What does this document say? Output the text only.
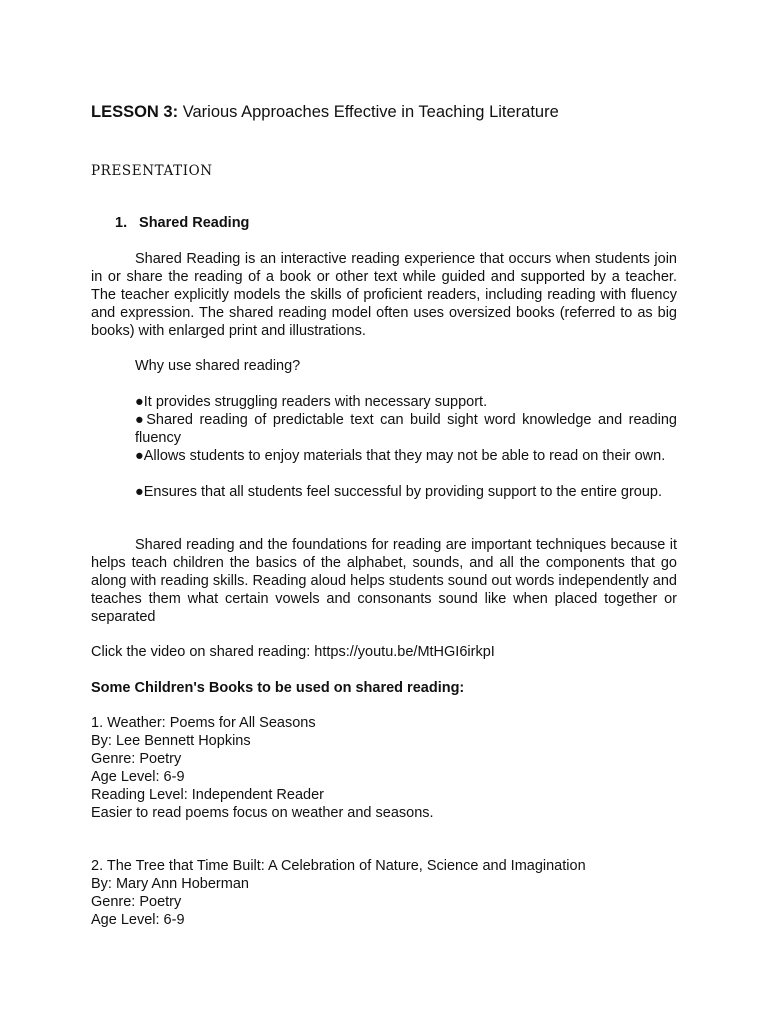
LESSON 3: Various Approaches Effective in Teaching Literature
PRESENTATION
1. Shared Reading
Shared Reading is an interactive reading experience that occurs when students join in or share the reading of a book or other text while guided and supported by a teacher. The teacher explicitly models the skills of proficient readers, including reading with fluency and expression. The shared reading model often uses oversized books (referred to as big books) with enlarged print and illustrations.
Why use shared reading?
●It provides struggling readers with necessary support.
●Shared reading of predictable text can build sight word knowledge and reading fluency
●Allows students to enjoy materials that they may not be able to read on their own.
●Ensures that all students feel successful by providing support to the entire group.
Shared reading and the foundations for reading are important techniques because it helps teach children the basics of the alphabet, sounds, and all the components that go along with reading skills. Reading aloud helps students sound out words independently and teaches them what certain vowels and consonants sound like when placed together or separated
Click the video on shared reading: https://youtu.be/MtHGI6irkpI
Some Children's Books to be used on shared reading:
1. Weather: Poems for All Seasons
By: Lee Bennett Hopkins
Genre: Poetry
Age Level: 6-9
Reading Level: Independent Reader
Easier to read poems focus on weather and seasons.
2. The Tree that Time Built: A Celebration of Nature, Science and Imagination
By: Mary Ann Hoberman
Genre: Poetry
Age Level: 6-9
